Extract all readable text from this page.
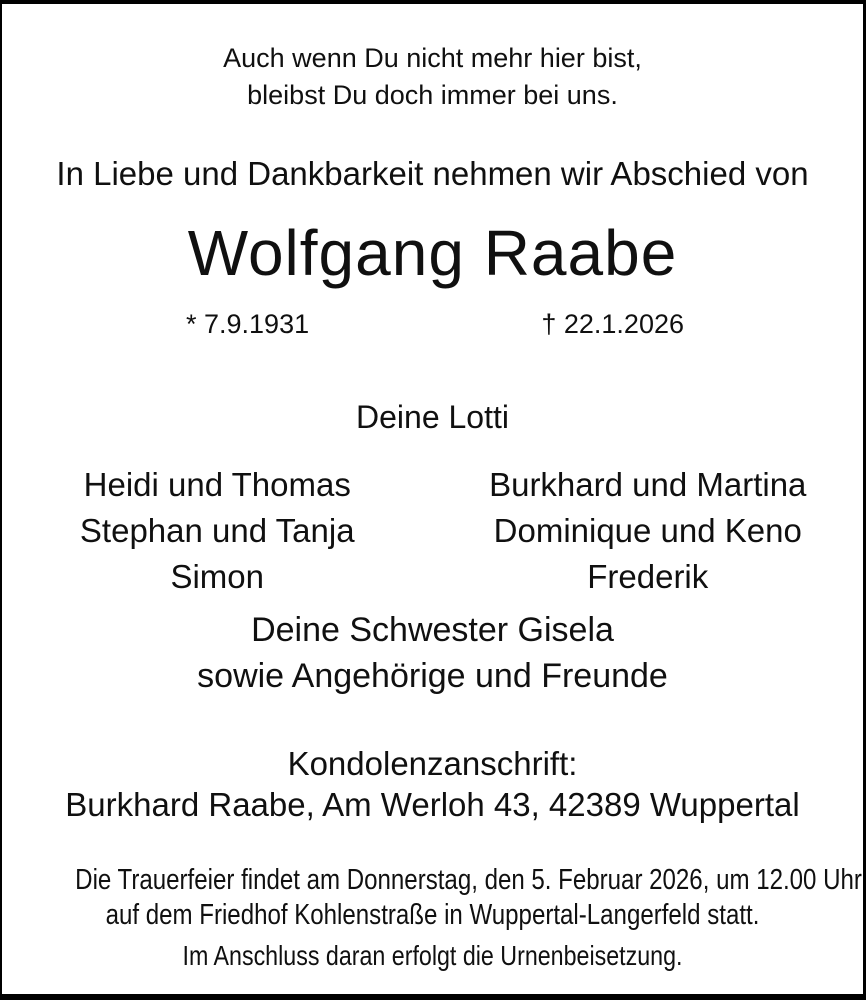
Auch wenn Du nicht mehr hier bist,
bleibst Du doch immer bei uns.
In Liebe und Dankbarkeit nehmen wir Abschied von
Wolfgang Raabe
* 7.9.1931	† 22.1.2026
Deine Lotti
Heidi und Thomas
Stephan und Tanja
Simon
Burkhard und Martina
Dominique und Keno
Frederik
Deine Schwester Gisela
sowie Angehörige und Freunde
Kondolenzanschrift:
Burkhard Raabe, Am Werloh 43, 42389 Wuppertal
Die Trauerfeier findet am Donnerstag, den 5. Februar 2026, um 12.00 Uhr
auf dem Friedhof Kohlenstraße in Wuppertal-Langerfeld statt.
Im Anschluss daran erfolgt die Urnenbeisetzung.
